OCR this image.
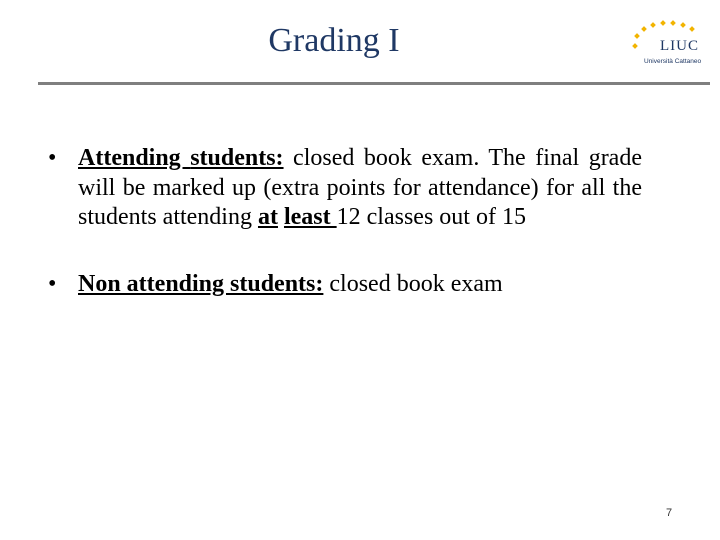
Grading I	LIUC
Università Cattaneo
• Attending students: closed book exam. The final grade will be marked up (extra points for attendance) for all the students attending at least 12 classes out of 15
• Non attending students: closed book exam
7
